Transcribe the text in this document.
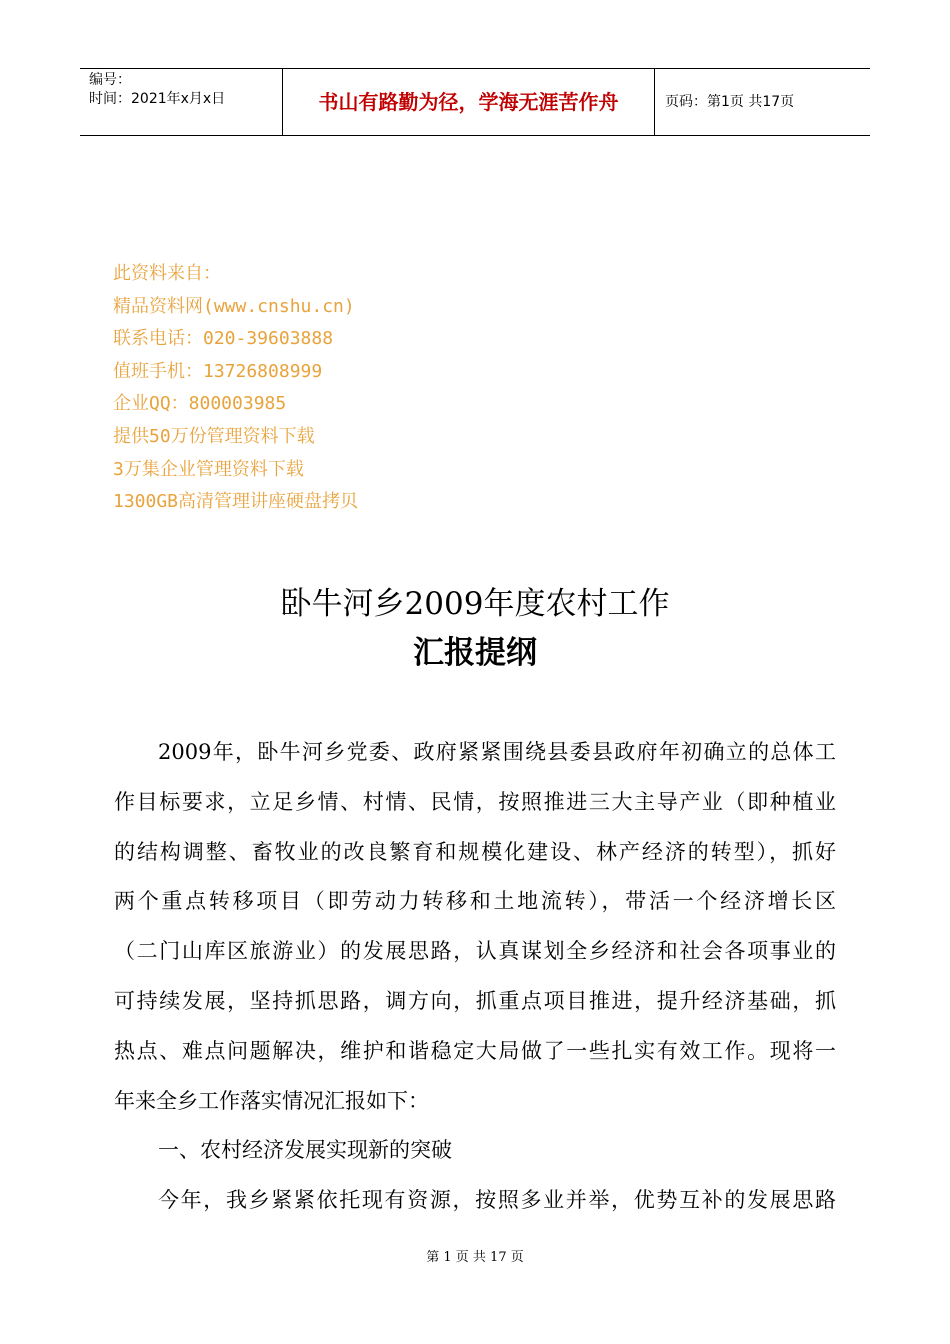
编号：
时间：2021年x月x日	书山有路勤为径，学海无涯苦作舟	页码：第1页 共17页
此资料来自：
精品资料网(www.cnshu.cn)
联系电话：020-39603888
值班手机：13726808999
企业QQ：800003985
提供50万份管理资料下载
3万集企业管理资料下载
1300GB高清管理讲座硬盘拷贝
卧牛河乡2009年度农村工作
汇报提纲
2009年，卧牛河乡党委、政府紧紧围绕县委县政府年初确立的总体工
作目标要求，立足乡情、村情、民情，按照推进三大主导产业（即种植业
的结构调整、畜牧业的改良繁育和规模化建设、林产经济的转型），抓好
两个重点转移项目（即劳动力转移和土地流转），带活一个经济增长区
（二门山库区旅游业）的发展思路，认真谋划全乡经济和社会各项事业的
可持续发展，坚持抓思路，调方向，抓重点项目推进，提升经济基础，抓
热点、难点问题解决，维护和谐稳定大局做了一些扎实有效工作。现将一
年来全乡工作落实情况汇报如下：
一、农村经济发展实现新的突破
今年，我乡紧紧依托现有资源，按照多业并举，优势互补的发展思路
第 1 页 共 17 页
